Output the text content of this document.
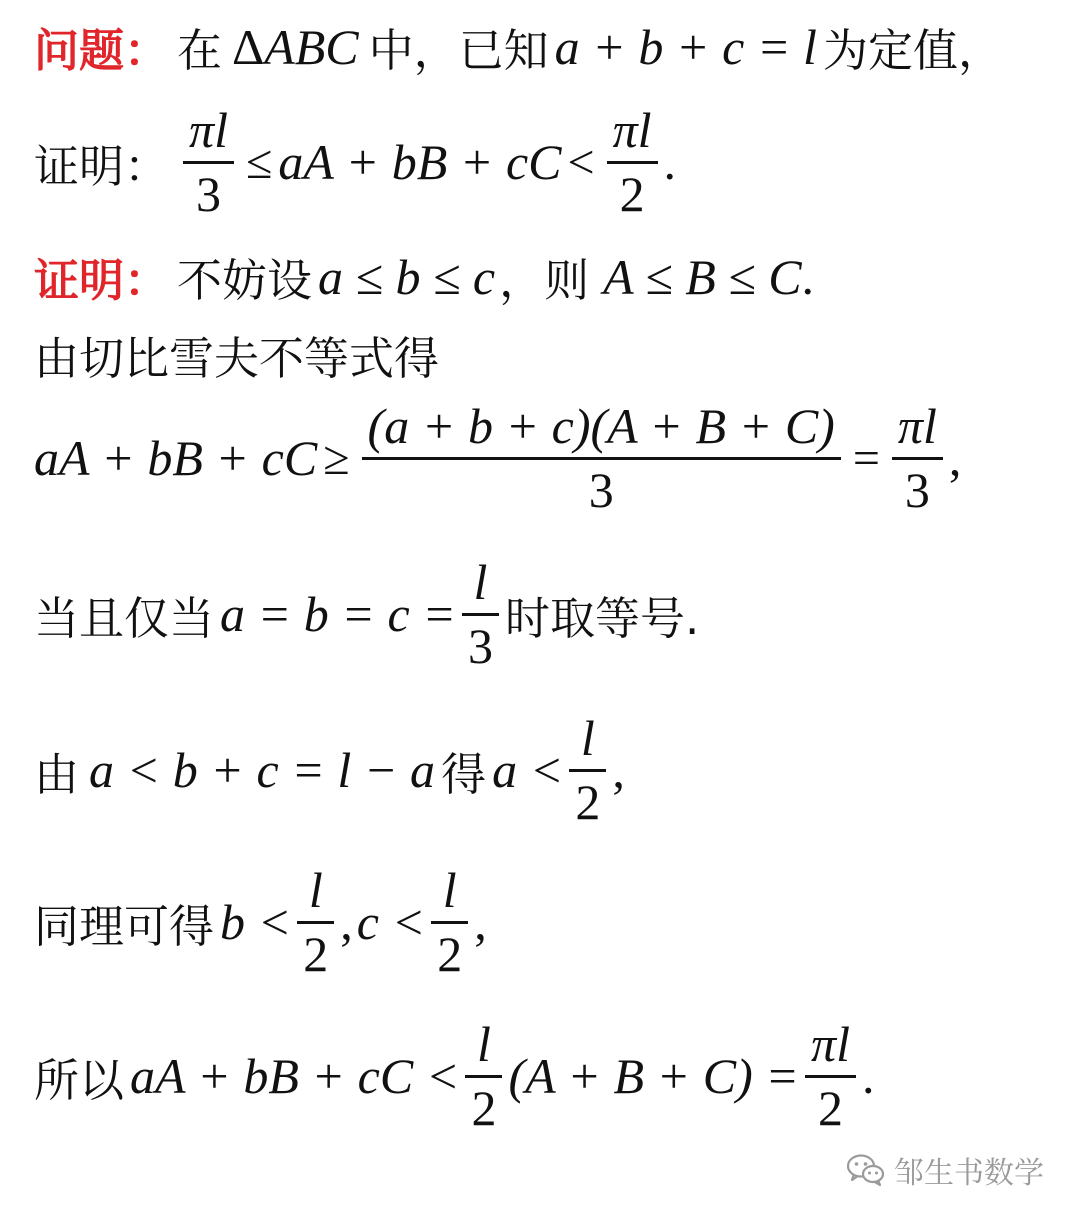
问题： 在 Δ ABC 中，已知 a + b + c = l 为定值，
证明： $\frac{\pi l}{3}$ ≤ aA + bB + cC < $\frac{\pi l}{2}$ .
证明： 不妨设 a ≤ b ≤ c ，则 A ≤ B ≤ C .
由切比雪夫不等式得
aA + bB + cC ≥ $\frac{(a + b + c)(A + B + C)}{3} = \frac{\pi l}{3}$ ,
当且仅当 $a = b = c = \frac{l}{3}$ 时取等号.
由 a < b + c = l − a 得 $a < \frac{l}{2}$ ,
同理可得 $b < \frac{l}{2}$ , $c < \frac{l}{2}$ ,
所以 aA + bB + cC < $\frac{l}{2} (A + B + C) = \frac{\pi l}{2}$ .
邹生书数学
